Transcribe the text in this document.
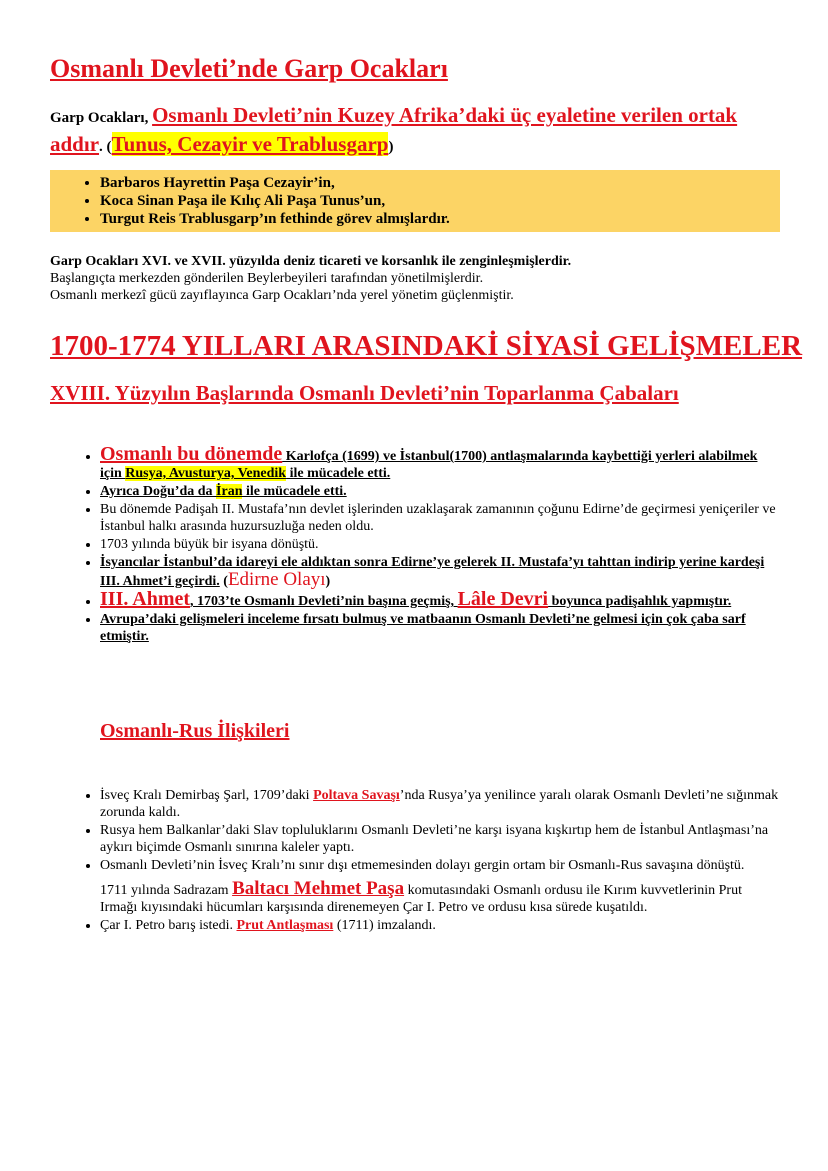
Osmanlı Devleti’nde Garp Ocakları
Garp Ocakları, Osmanlı Devleti’nin Kuzey Afrika’daki üç eyaletine verilen ortak addır. (Tunus, Cezayir ve Trablusgarp)
• Barbaros Hayrettin Paşa Cezayir’in,
• Koca Sinan Paşa ile Kılıç Ali Paşa Tunus’un,
• Turgut Reis Trablusgarp’ın fethinde görev almışlardır.
Garp Ocakları XVI. ve XVII. yüzyılda deniz ticareti ve korsanlık ile zenginleşmişlerdir.
Başlangıçta merkezden gönderilen Beylerbeyileri tarafından yönetilmişlerdir.
Osmanlı merkezî gücü zayıflayınca Garp Ocakları’nda yerel yönetim güçlenmiştir.
1700-1774 YILLARI ARASINDAKİ SİYASİ GELİŞMELER
XVIII. Yüzyılın Başlarında Osmanlı Devleti’nin Toparlanma Çabaları
• Osmanlı bu dönemde Karlofça (1699) ve İstanbul(1700) antlaşmalarında kaybettiği yerleri alabilmek için Rusya, Avusturya, Venedik ile mücadele etti.
• Ayrıca Doğu’da da İran ile mücadele etti.
• Bu dönemde Padişah II. Mustafa’nın devlet işlerinden uzaklaşarak zamanının çoğunu Edirne’de geçirmesi yeniçeriler ve İstanbul halkı arasında huzursuzluğa neden oldu.
• 1703 yılında büyük bir isyana dönüştü.
• İsyancılar İstanbul’da idareyi ele aldıktan sonra Edirne’ye gelerek II. Mustafa’yı tahttan indirip yerine kardeşi III. Ahmet’i geçirdi. (Edirne Olayı)
• III. Ahmet, 1703’te Osmanlı Devleti’nin başına geçmiş, Lâle Devri boyunca padişahlık yapmıştır.
• Avrupa’daki gelişmeleri inceleme fırsatı bulmuş ve matbaanın Osmanlı Devleti’ne gelmesi için çok çaba sarf etmiştir.
Osmanlı-Rus İlişkileri
• İsveç Kralı Demirbaş Şarl, 1709’daki Poltava Savaşı’nda Rusya’ya yenilince yaralı olarak Osmanlı Devleti’ne sığınmak zorunda kaldı.
• Rusya hem Balkanlar’daki Slav topluluklarını Osmanlı Devleti’ne karşı isyana kışkırtıp hem de İstanbul Antlaşması’na aykırı biçimde Osmanlı sınırına kaleler yaptı.
• Osmanlı Devleti’nin İsveç Kralı’nı sınır dışı etmemesinden dolayı gergin ortam bir Osmanlı-Rus savaşına dönüştü.
1711 yılında Sadrazam Baltacı Mehmet Paşa komutasındaki Osmanlı ordusu ile Kırım kuvvetlerinin Prut Irmağı kıyısındaki hücumları karşısında direnemeyen Çar I. Petro ve ordusu kısa sürede kuşatıldı.
• Çar I. Petro barış istedi. Prut Antlaşması (1711) imzalandı.
